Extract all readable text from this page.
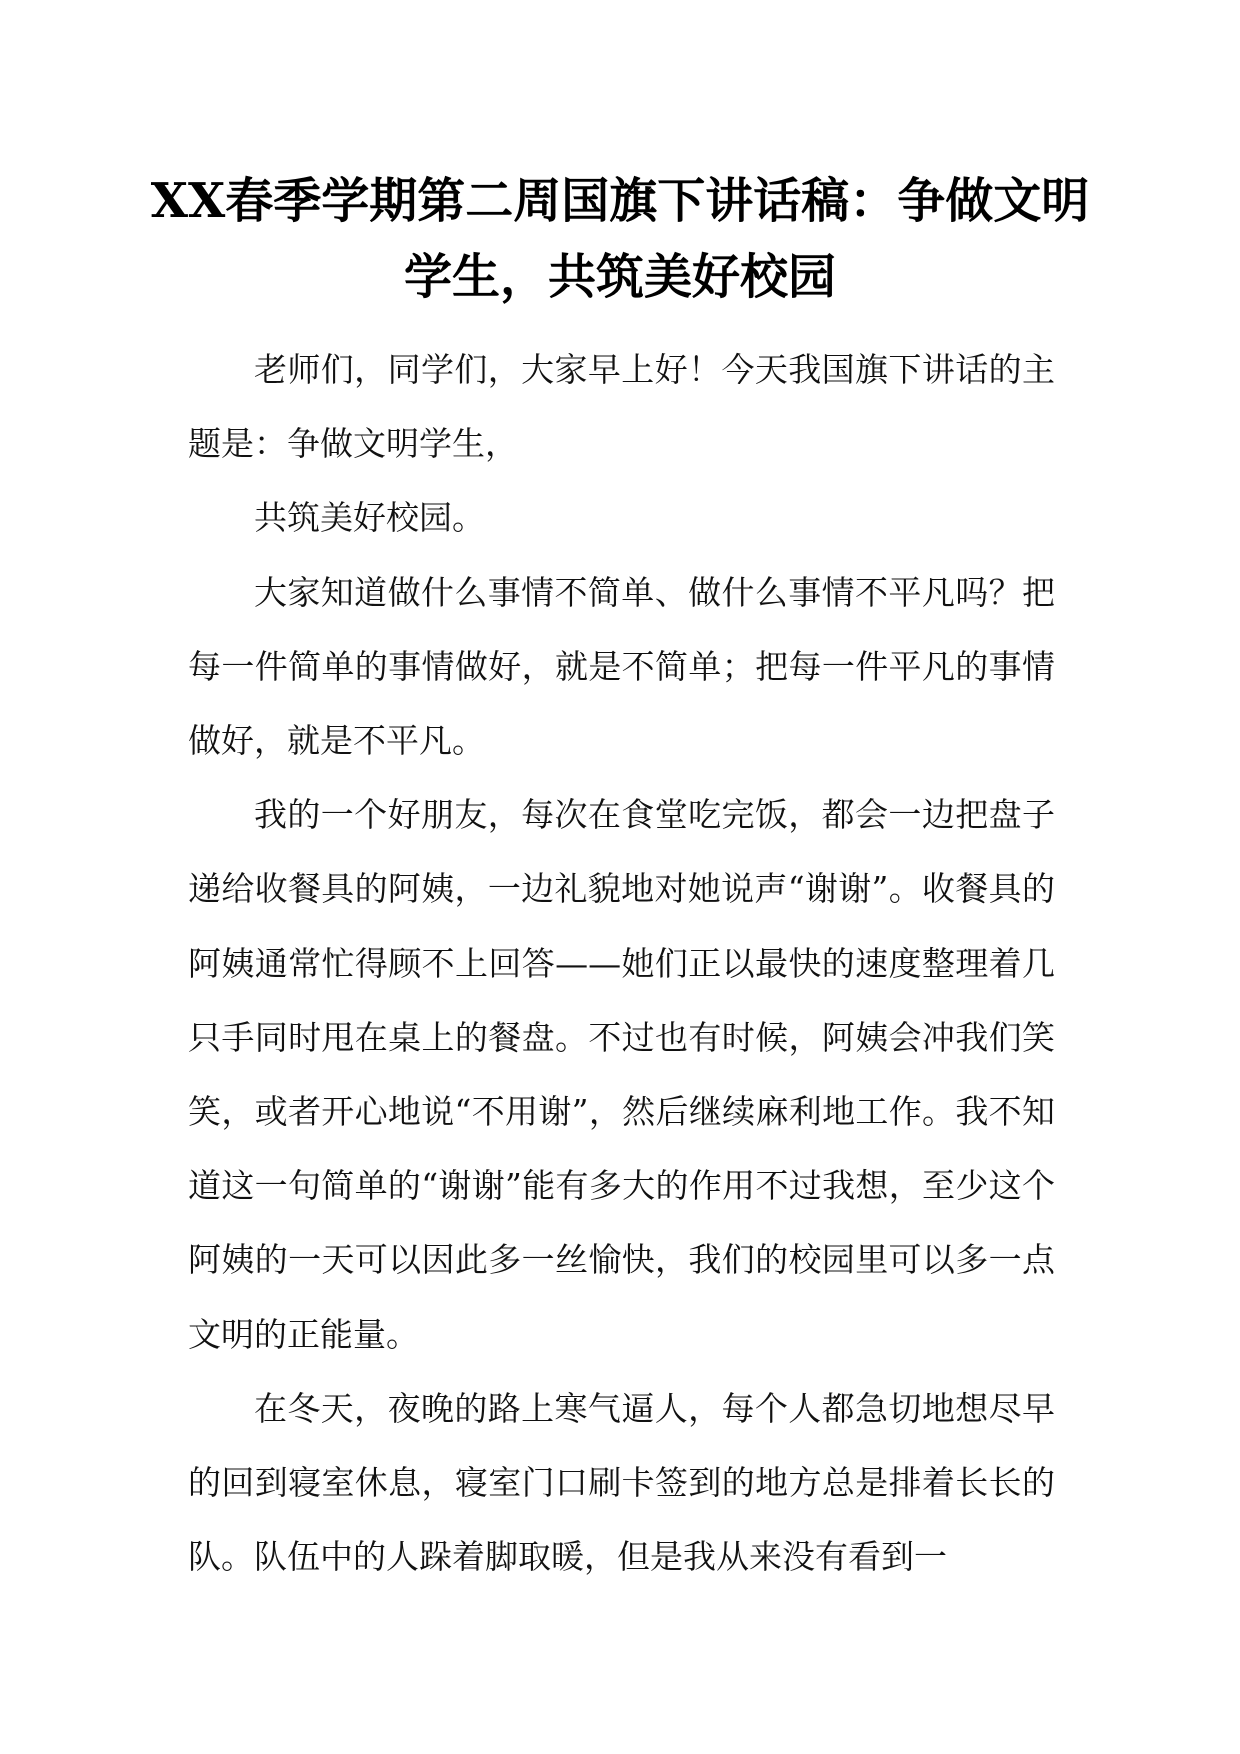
XX春季学期第二周国旗下讲话稿：争做文明学生，共筑美好校园

老师们，同学们，大家早上好！今天我国旗下讲话的主题是：争做文明学生，

共筑美好校园。

大家知道做什么事情不简单、做什么事情不平凡吗？把每一件简单的事情做好，就是不简单；把每一件平凡的事情做好，就是不平凡。

我的一个好朋友，每次在食堂吃完饭，都会一边把盘子递给收餐具的阿姨，一边礼貌地对她说声“谢谢”。收餐具的阿姨通常忙得顾不上回答——她们正以最快的速度整理着几只手同时甩在桌上的餐盘。不过也有时候，阿姨会冲我们笑笑，或者开心地说“不用谢”，然后继续麻利地工作。我不知道这一句简单的“谢谢”能有多大的作用不过我想，至少这个阿姨的一天可以因此多一丝愉快，我们的校园里可以多一点文明的正能量。

在冬天，夜晚的路上寒气逼人，每个人都急切地想尽早的回到寝室休息，寝室门口刷卡签到的地方总是排着长长的队。队伍中的人跺着脚取暖，但是我从来没有看到一
